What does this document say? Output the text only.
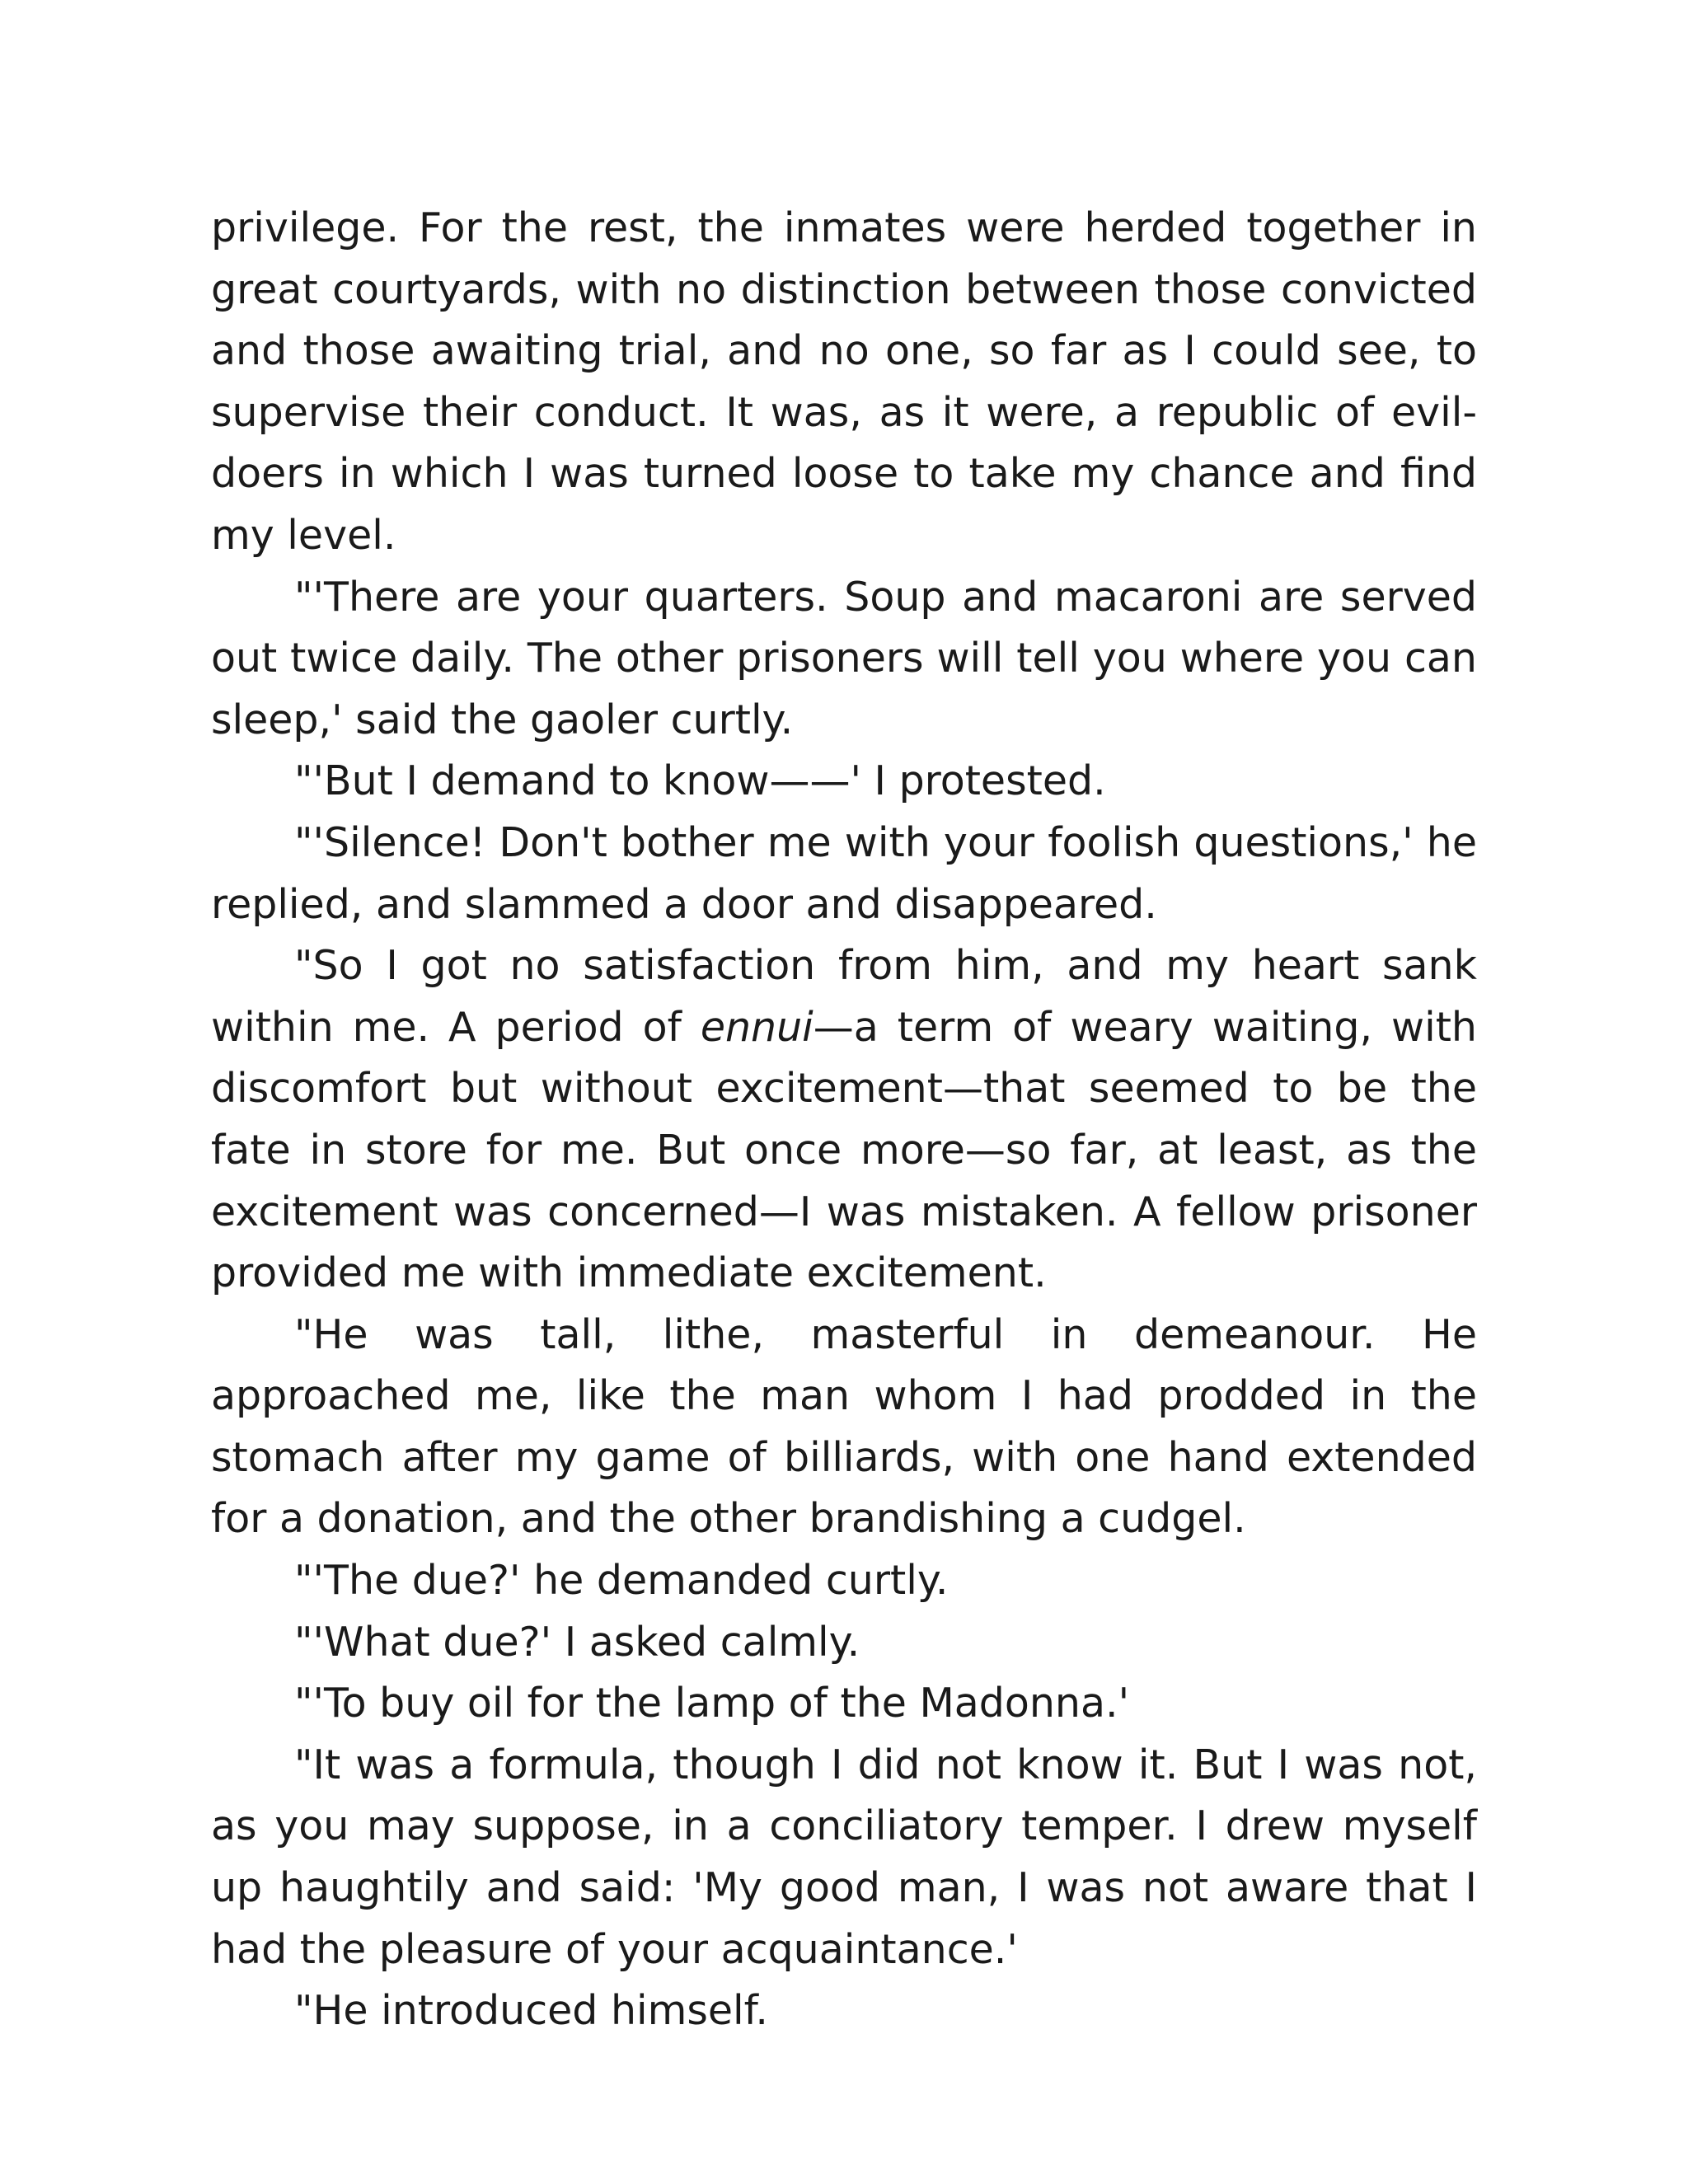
privilege. For the rest, the inmates were herded together in great courtyards, with no distinction between those convicted and those awaiting trial, and no one, so far as I could see, to supervise their conduct. It was, as it were, a republic of evil-doers in which I was turned loose to take my chance and find my level.

"'There are your quarters. Soup and macaroni are served out twice daily. The other prisoners will tell you where you can sleep,' said the gaoler curtly.

"'But I demand to know——' I protested.

"'Silence! Don't bother me with your foolish questions,' he replied, and slammed a door and disappeared.

"So I got no satisfaction from him, and my heart sank within me. A period of ennui—a term of weary waiting, with discomfort but without excitement—that seemed to be the fate in store for me. But once more—so far, at least, as the excitement was concerned—I was mistaken. A fellow prisoner provided me with immediate excitement.

"He was tall, lithe, masterful in demeanour. He approached me, like the man whom I had prodded in the stomach after my game of billiards, with one hand extended for a donation, and the other brandishing a cudgel.

"'The due?' he demanded curtly.

"'What due?' I asked calmly.

"'To buy oil for the lamp of the Madonna.'

"It was a formula, though I did not know it. But I was not, as you may suppose, in a conciliatory temper. I drew myself up haughtily and said: 'My good man, I was not aware that I had the pleasure of your acquaintance.'

"He introduced himself.
